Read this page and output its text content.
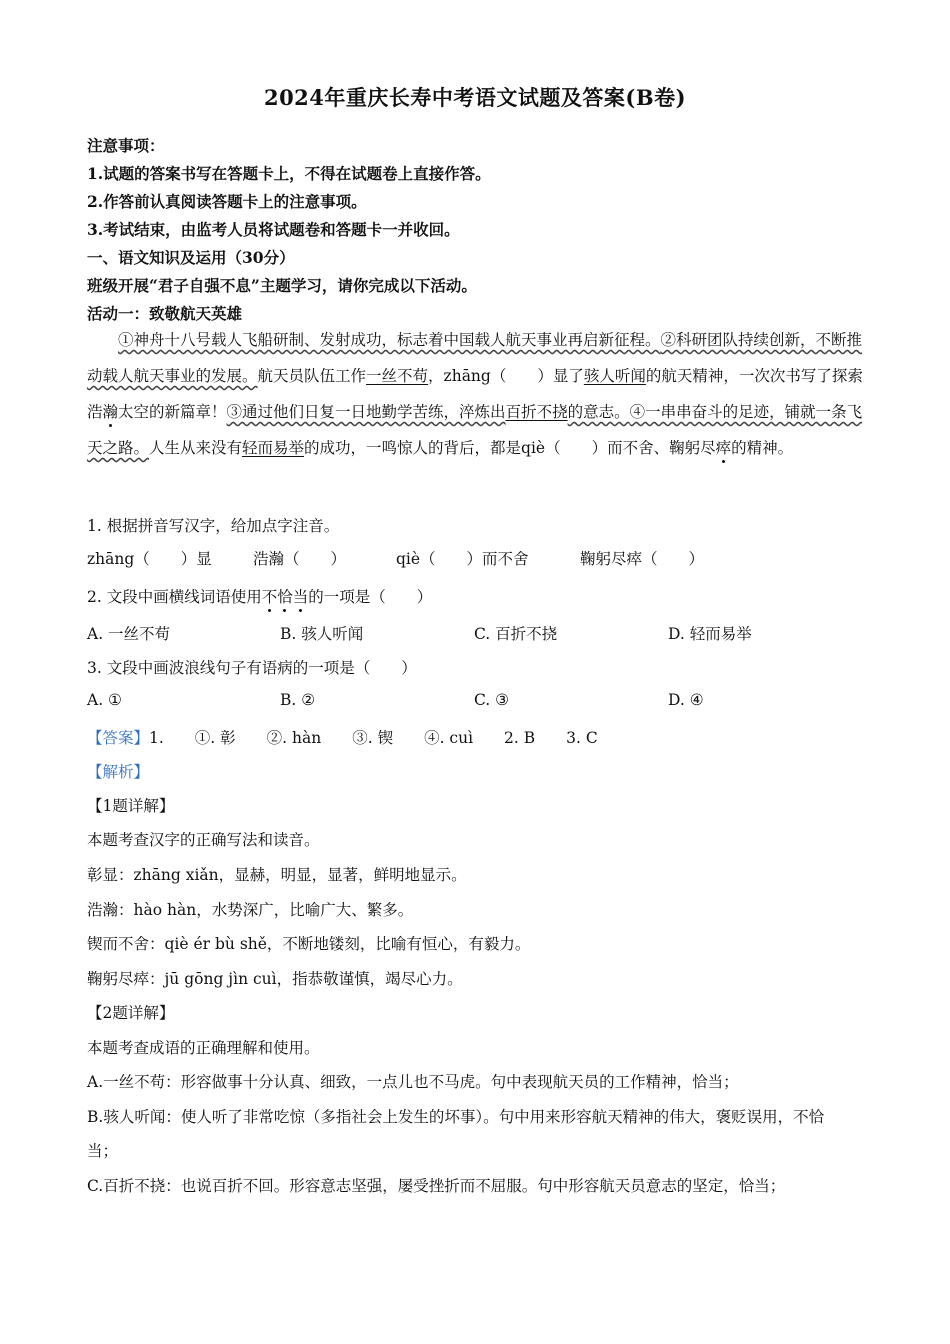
2024年重庆长寿中考语文试题及答案(B卷)
注意事项：
1.试题的答案书写在答题卡上，不得在试题卷上直接作答。
2.作答前认真阅读答题卡上的注意事项。
3.考试结束，由监考人员将试题卷和答题卡一并收回。
一、语文知识及运用（30分）
班级开展“君子自强不息”主题学习，请你完成以下活动。
活动一：致敬航天英雄
①神舟十八号载人飞船研制、发射成功，标志着中国载人航天事业再启新征程。②科研团队持续创新，不断推动载人航天事业的发展。航天员队伍工作一丝不苟，zhāng（　　）显了骇人听闻的航天精神，一次次书写了探索浩瀚太空的新篇章！③通过他们日复一日地勤学苦练，淬炼出百折不挠的意志。④一串串奋斗的足迹，铺就一条飞天之路。人生从来没有轻而易举的成功，一鸣惊人的背后，都是qiè（　　）而不舍、鞠躬尽瘁的精神。
1. 根据拼音写汉字，给加点字注音。
zhāng（　　）显	浩瀚（　　）	qiè（　　）而不舍	鞠躬尽瘁（　　）
2. 文段中画横线词语使用不恰当的一项是（　　）
A. 一丝不苟	B. 骇人听闻	C. 百折不挠	D. 轻而易举
3. 文段中画波浪线句子有语病的一项是（　　）
A. ①	B. ②	C. ③	D. ④
【答案】1.　　①. 彰　　②. hàn　　③. 锲　　④. cuì　　2. B　　3. C
【解析】
【1题详解】
本题考查汉字的正确写法和读音。
彰显：zhāng xiǎn，显赫，明显，显著，鲜明地显示。
浩瀚：hào hàn，水势深广，比喻广大、繁多。
锲而不舍：qiè ér bù shě，不断地镂刻，比喻有恒心，有毅力。
鞠躬尽瘁：jū gōng jìn cuì，指恭敬谨慎，竭尽心力。
【2题详解】
本题考查成语的正确理解和使用。
A.一丝不苟：形容做事十分认真、细致，一点儿也不马虎。句中表现航天员的工作精神，恰当；
B.骇人听闻：使人听了非常吃惊（多指社会上发生的坏事）。句中用来形容航天精神的伟大，褒贬误用，不恰
当；
C.百折不挠：也说百折不回。形容意志坚强，屡受挫折而不屈服。句中形容航天员意志的坚定，恰当；
